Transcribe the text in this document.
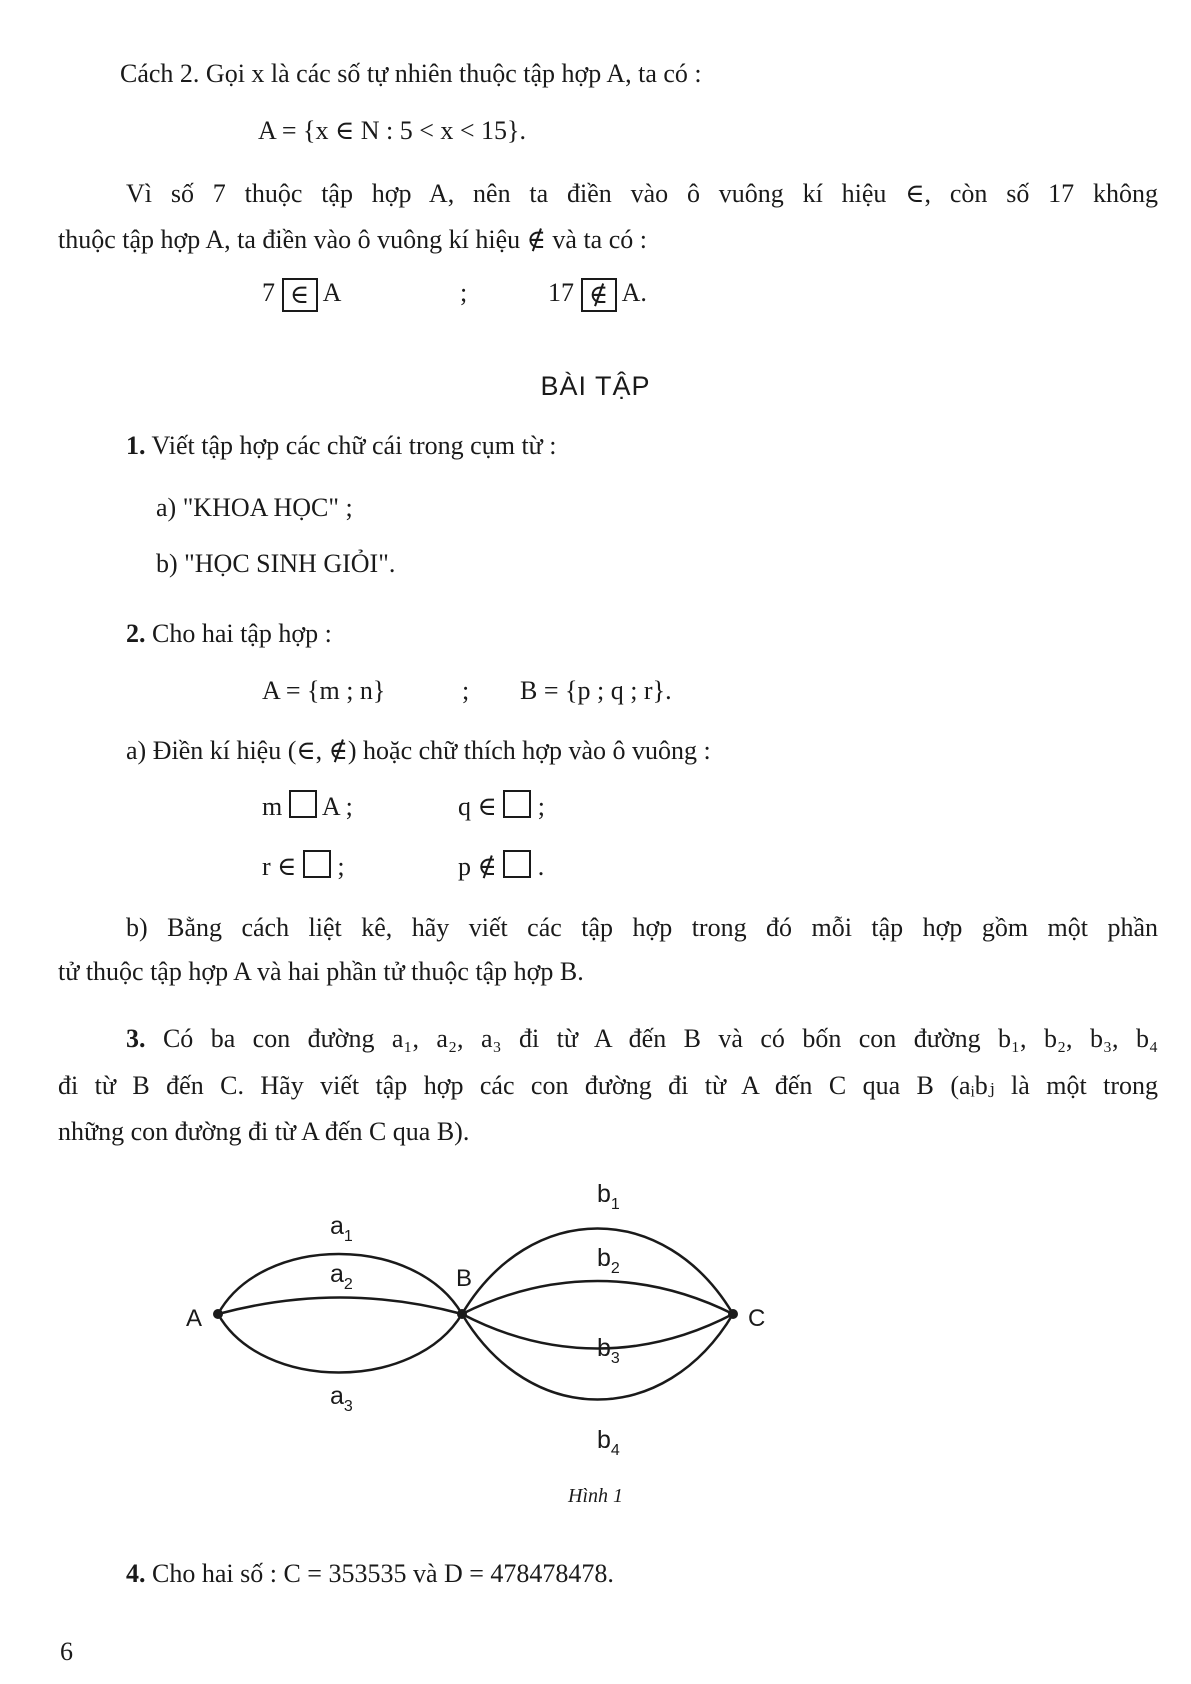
Cách 2. Gọi x là các số tự nhiên thuộc tập hợp A, ta có :
A = {x ∈ N : 5 < x < 15}.
Vì số 7 thuộc tập hợp A, nên ta điền vào ô vuông kí hiệu ∈, còn số 17 không
thuộc tập hợp A, ta điền vào ô vuông kí hiệu ∉ và ta có :
7 ∈ A	;	17 ∉ A.
BÀI TẬP
1. Viết tập hợp các chữ cái trong cụm từ :
a) "KHOA HỌC" ;
b) "HỌC SINH GIỎI".
2. Cho hai tập hợp :
A = {m ; n}	; B = {p ; q ; r}.
a) Điền kí hiệu (∈, ∉) hoặc chữ thích hợp vào ô vuông :
m A ;	q ∈ ;
r ∈ ;	p ∉ .
b) Bằng cách liệt kê, hãy viết các tập hợp trong đó mỗi tập hợp gồm một phần
tử thuộc tập hợp A và hai phần tử thuộc tập hợp B.
3. Có ba con đường a₁, a₂, a₃ đi từ A đến B và có bốn con đường b₁, b₂, b₃, b₄
đi từ B đến C. Hãy viết tập hợp các con đường đi từ A đến C qua B (aᵢbⱼ là một trong
những con đường đi từ A đến C qua B).
A
B
C
$a_1$
$a_2$
$a_3$
$b_1$
$b_2$
$b_3$
$b_4$
Hình 1
4. Cho hai số : C = 353535 và D = 478478478.
6
